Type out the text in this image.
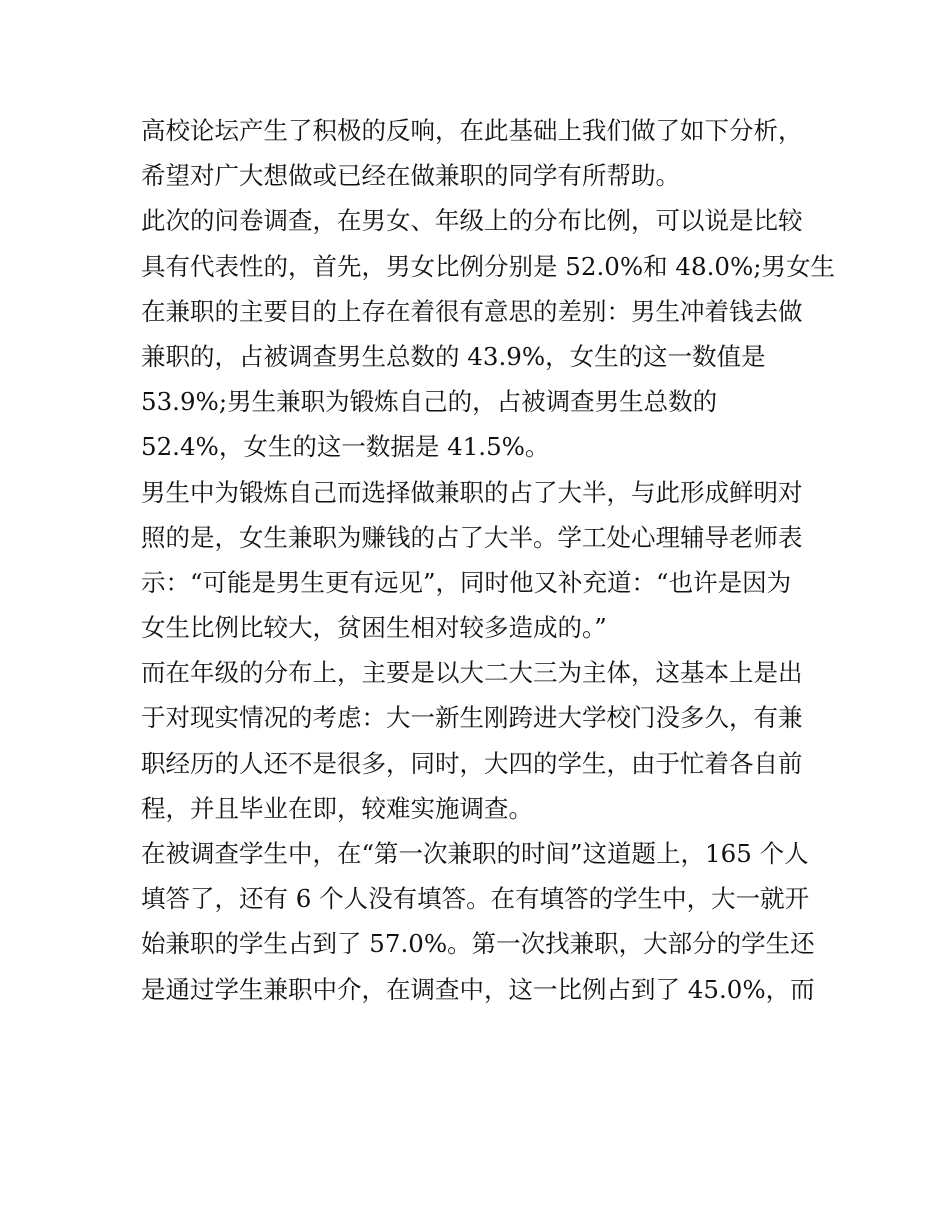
高校论坛产生了积极的反响，在此基础上我们做了如下分析，
希望对广大想做或已经在做兼职的同学有所帮助。
此次的问卷调查，在男女、年级上的分布比例，可以说是比较
具有代表性的，首先，男女比例分别是 52.0%和 48.0%;男女生
在兼职的主要目的上存在着很有意思的差别：男生冲着钱去做
兼职的，占被调查男生总数的 43.9%，女生的这一数值是
53.9%;男生兼职为锻炼自己的，占被调查男生总数的
52.4%，女生的这一数据是 41.5%。
男生中为锻炼自己而选择做兼职的占了大半，与此形成鲜明对
照的是，女生兼职为赚钱的占了大半。学工处心理辅导老师表
示：“可能是男生更有远见”，同时他又补充道：“也许是因为
女生比例比较大，贫困生相对较多造成的。”
而在年级的分布上，主要是以大二大三为主体，这基本上是出
于对现实情况的考虑：大一新生刚跨进大学校门没多久，有兼
职经历的人还不是很多，同时，大四的学生，由于忙着各自前
程，并且毕业在即，较难实施调查。
在被调查学生中，在“第一次兼职的时间”这道题上，165 个人
填答了，还有 6 个人没有填答。在有填答的学生中，大一就开
始兼职的学生占到了 57.0%。第一次找兼职，大部分的学生还
是通过学生兼职中介，在调查中，这一比例占到了 45.0%，而
